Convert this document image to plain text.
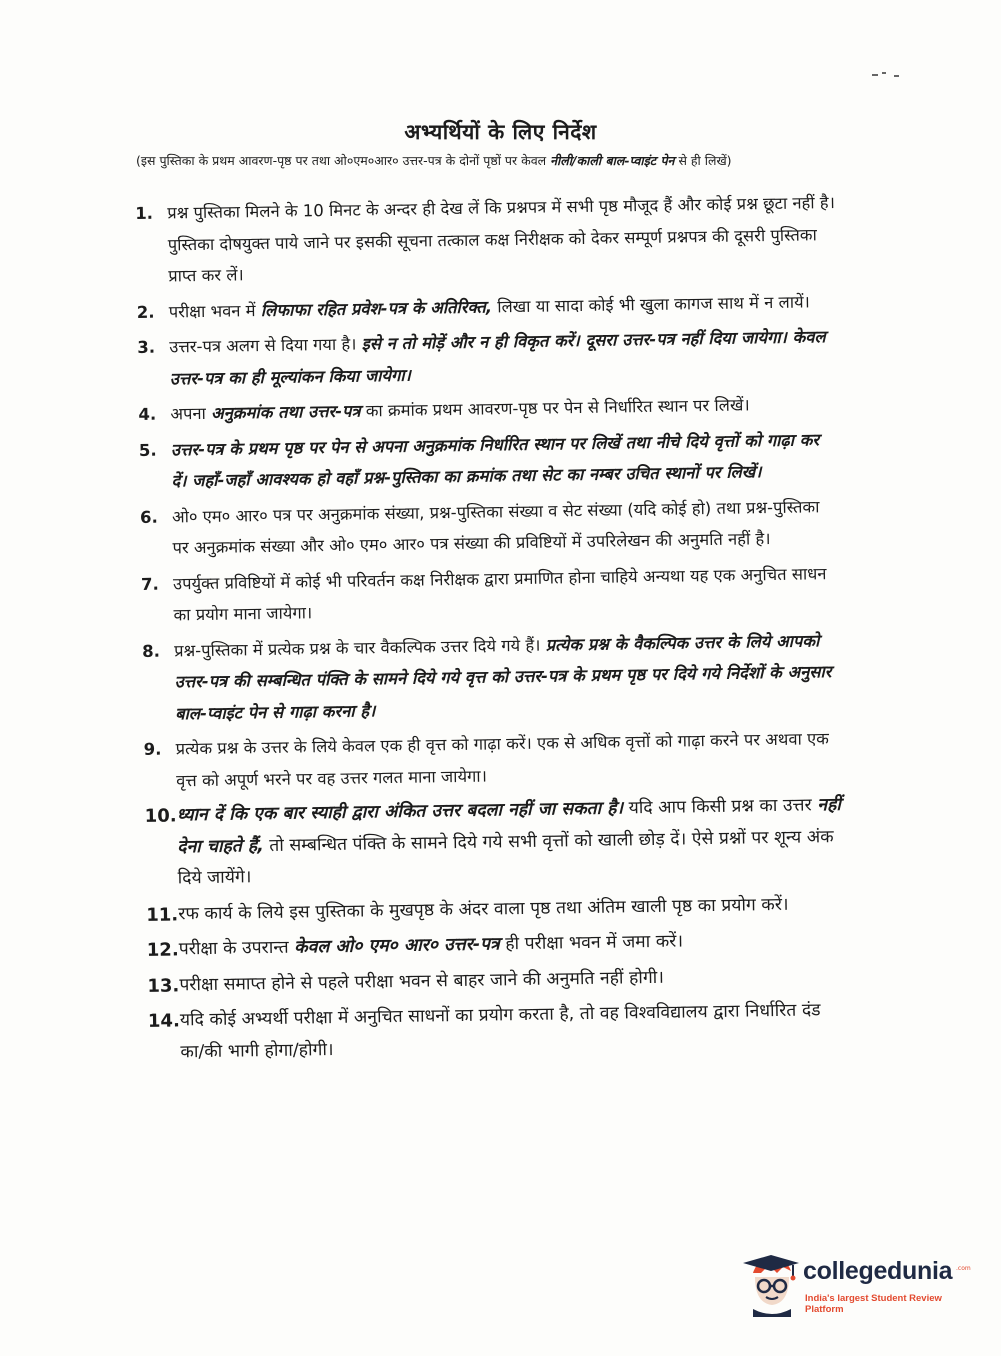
अभ्यर्थियों के लिए निर्देश
(इस पुस्तिका के प्रथम आवरण-पृष्ठ पर तथा ओ०एम०आर० उत्तर-पत्र के दोनों पृष्ठों पर केवल नीली/काली बाल-प्वाइंट पेन से ही लिखें)
1. प्रश्न पुस्तिका मिलने के 10 मिनट के अन्दर ही देख लें कि प्रश्नपत्र में सभी पृष्ठ मौजूद हैं और कोई प्रश्न छूटा नहीं है। पुस्तिका दोषयुक्त पाये जाने पर इसकी सूचना तत्काल कक्ष निरीक्षक को देकर सम्पूर्ण प्रश्नपत्र की दूसरी पुस्तिका प्राप्त कर लें।
2. परीक्षा भवन में लिफाफा रहित प्रवेश-पत्र के अतिरिक्त, लिखा या सादा कोई भी खुला कागज साथ में न लायें।
3. उत्तर-पत्र अलग से दिया गया है। इसे न तो मोड़ें और न ही विकृत करें। दूसरा उत्तर-पत्र नहीं दिया जायेगा। केवल उत्तर-पत्र का ही मूल्यांकन किया जायेगा।
4. अपना अनुक्रमांक तथा उत्तर-पत्र का क्रमांक प्रथम आवरण-पृष्ठ पर पेन से निर्धारित स्थान पर लिखें।
5. उत्तर-पत्र के प्रथम पृष्ठ पर पेन से अपना अनुक्रमांक निर्धारित स्थान पर लिखें तथा नीचे दिये वृत्तों को गाढ़ा कर दें। जहाँ-जहाँ आवश्यक हो वहाँ प्रश्न-पुस्तिका का क्रमांक तथा सेट का नम्बर उचित स्थानों पर लिखें।
6. ओ० एम० आर० पत्र पर अनुक्रमांक संख्या, प्रश्न-पुस्तिका संख्या व सेट संख्या (यदि कोई हो) तथा प्रश्न-पुस्तिका पर अनुक्रमांक संख्या और ओ० एम० आर० पत्र संख्या की प्रविष्टियों में उपरिलेखन की अनुमति नहीं है।
7. उपर्युक्त प्रविष्टियों में कोई भी परिवर्तन कक्ष निरीक्षक द्वारा प्रमाणित होना चाहिये अन्यथा यह एक अनुचित साधन का प्रयोग माना जायेगा।
8. प्रश्न-पुस्तिका में प्रत्येक प्रश्न के चार वैकल्पिक उत्तर दिये गये हैं। प्रत्येक प्रश्न के वैकल्पिक उत्तर के लिये आपको उत्तर-पत्र की सम्बन्धित पंक्ति के सामने दिये गये वृत्त को उत्तर-पत्र के प्रथम पृष्ठ पर दिये गये निर्देशों के अनुसार बाल-प्वाइंट पेन से गाढ़ा करना है।
9. प्रत्येक प्रश्न के उत्तर के लिये केवल एक ही वृत्त को गाढ़ा करें। एक से अधिक वृत्तों को गाढ़ा करने पर अथवा एक वृत्त को अपूर्ण भरने पर वह उत्तर गलत माना जायेगा।
10. ध्यान दें कि एक बार स्याही द्वारा अंकित उत्तर बदला नहीं जा सकता है। यदि आप किसी प्रश्न का उत्तर नहीं देना चाहते हैं, तो सम्बन्धित पंक्ति के सामने दिये गये सभी वृत्तों को खाली छोड़ दें। ऐसे प्रश्नों पर शून्य अंक दिये जायेंगे।
11. रफ कार्य के लिये इस पुस्तिका के मुखपृष्ठ के अंदर वाला पृष्ठ तथा अंतिम खाली पृष्ठ का प्रयोग करें।
12. परीक्षा के उपरान्त केवल ओ० एम० आर० उत्तर-पत्र ही परीक्षा भवन में जमा करें।
13. परीक्षा समाप्त होने से पहले परीक्षा भवन से बाहर जाने की अनुमति नहीं होगी।
14. यदि कोई अभ्यर्थी परीक्षा में अनुचित साधनों का प्रयोग करता है, तो वह विश्वविद्यालय द्वारा निर्धारित दंड का/की भागी होगा/होगी।
collegedunia .com
India's largest Student Review Platform
